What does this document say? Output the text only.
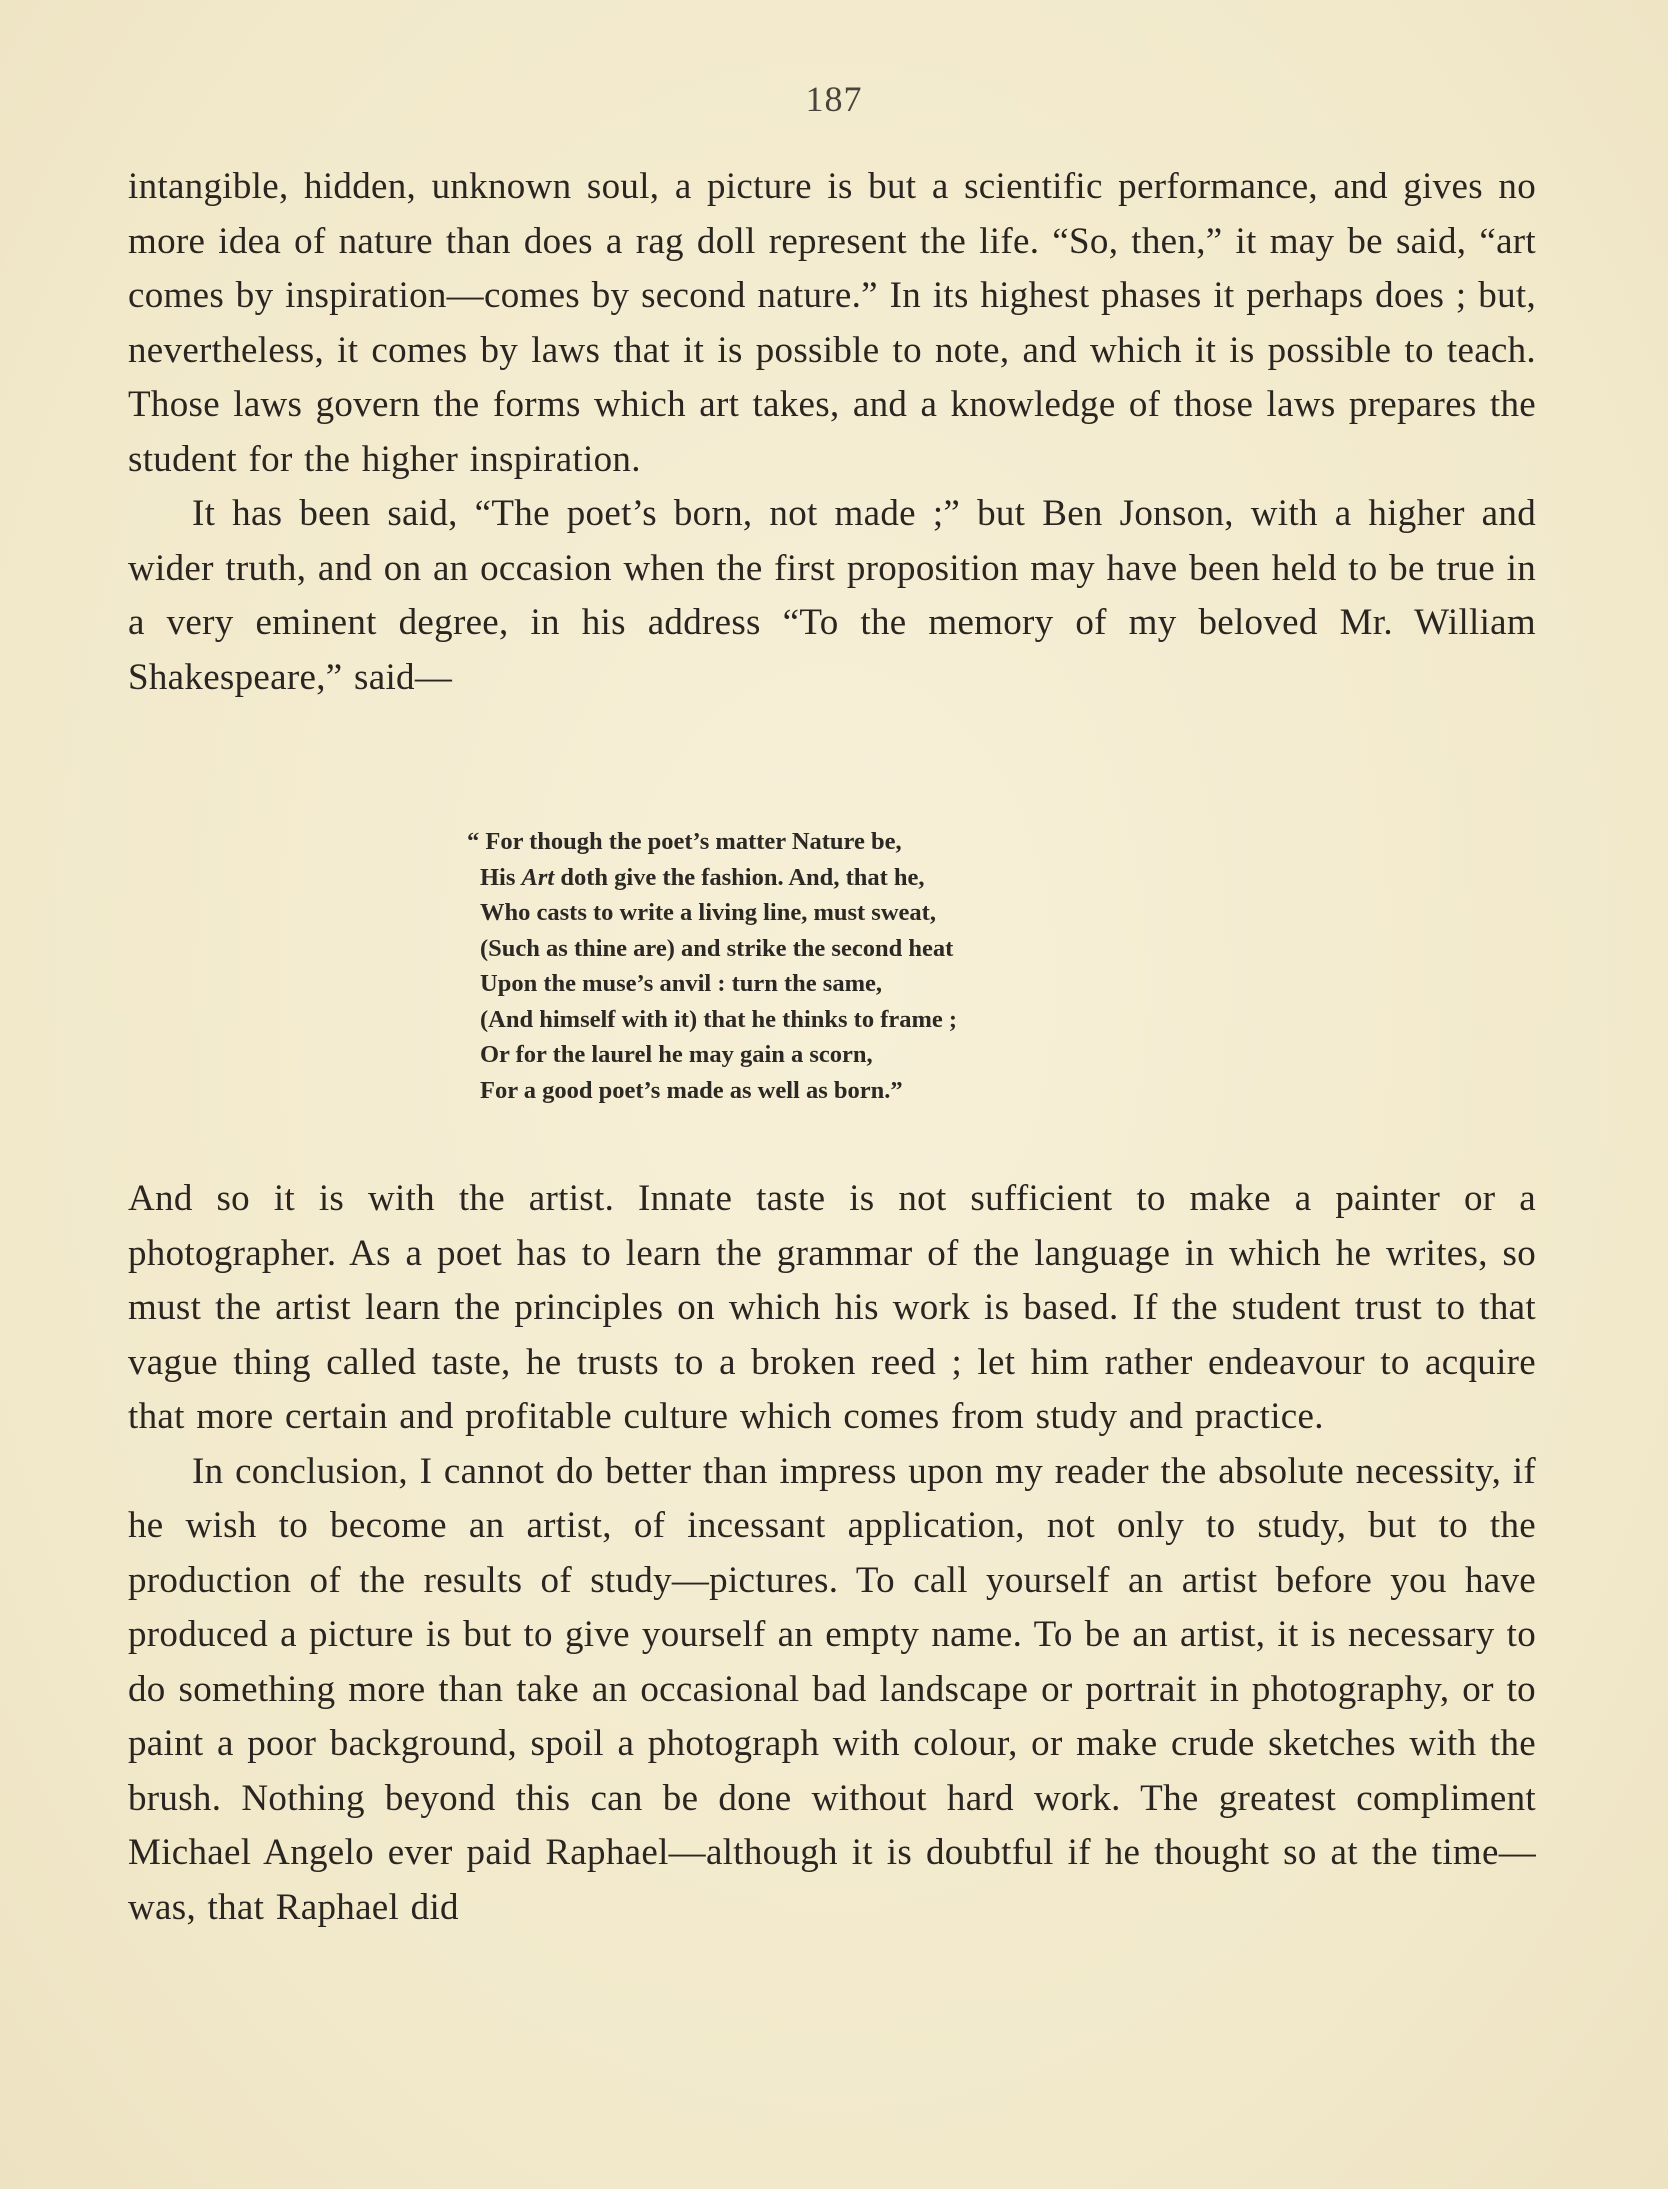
187

intangible, hidden, unknown soul, a picture is but a scientific performance, and gives no more idea of nature than does a rag doll represent the life. “So, then,” it may be said, “art comes by inspiration—comes by second nature.” In its highest phases it perhaps does ; but, nevertheless, it comes by laws that it is possible to note, and which it is possible to teach. Those laws govern the forms which art takes, and a knowledge of those laws prepares the student for the higher inspiration.

It has been said, “The poet’s born, not made ;” but Ben Jonson, with a higher and wider truth, and on an occasion when the first proposition may have been held to be true in a very eminent degree, in his address “To the memory of my beloved Mr. William Shakespeare,” said—

“ For though the poet’s matter Nature be,
His Art doth give the fashion. And, that he,
Who casts to write a living line, must sweat,
(Such as thine are) and strike the second heat
Upon the muse’s anvil : turn the same,
(And himself with it) that he thinks to frame ;
Or for the laurel he may gain a scorn,
For a good poet’s made as well as born.”

And so it is with the artist. Innate taste is not sufficient to make a painter or a photographer. As a poet has to learn the grammar of the language in which he writes, so must the artist learn the principles on which his work is based. If the student trust to that vague thing called taste, he trusts to a broken reed ; let him rather endeavour to acquire that more certain and profitable culture which comes from study and practice.

In conclusion, I cannot do better than impress upon my reader the absolute necessity, if he wish to become an artist, of incessant application, not only to study, but to the production of the results of study—pictures. To call yourself an artist before you have produced a picture is but to give yourself an empty name. To be an artist, it is necessary to do something more than take an occasional bad landscape or portrait in photography, or to paint a poor background, spoil a photograph with colour, or make crude sketches with the brush. Nothing beyond this can be done without hard work. The greatest compliment Michael Angelo ever paid Raphael—although it is doubtful if he thought so at the time—was, that Raphael did
